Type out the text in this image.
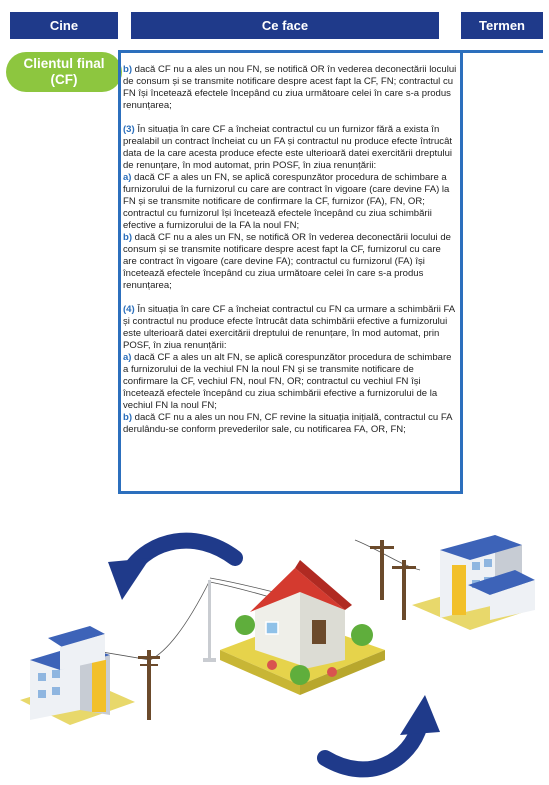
Cine	Ce face	Termen
Clientul final
(CF)

b) dacă CF nu a ales un nou FN, se notifică OR în vederea deconectării locului de consum și se transmite notificare despre acest fapt la CF, FN; contractul cu FN își încetează efectele începând cu ziua următoare celei în care s-a produs renunțarea;

(3) În situația în care CF a încheiat contractul cu un furnizor fără a exista în prealabil un contract încheiat cu un FA și contractul nu produce efecte întrucât data de la care acesta produce efecte este ulterioară datei exercitării dreptului de renunțare, în mod automat, prin POSF, în ziua renunțării:

a) dacă CF a ales un FN, se aplică corespunzător procedura de schimbare a furnizorului de la furnizorul cu care are contract în vigoare (care devine FA) la FN și se transmite notificare de confirmare la CF, furnizor (FA), FN, OR; contractul cu furnizorul își încetează efectele începând cu ziua schimbării efective a furnizorului de la FA la noul FN;

b) dacă CF nu a ales un FN, se notifică OR în vederea deconectării locului de consum și se transmite notificare despre acest fapt la CF, furnizorul cu care are contract în vigoare (care devine FA); contractul cu furnizorul (FA) își încetează efectele începând cu ziua următoare celei în care s-a produs renunțarea;

(4) În situația în care CF a încheiat contractul cu FN ca urmare a schimbării FA și contractul nu produce efecte întrucât data schimbării efective a furnizorului este ulterioară datei exercitării dreptului de renunțare, în mod automat, prin POSF, în ziua renunțării:

a) dacă CF a ales un alt FN, se aplică corespunzător procedura de schimbare a furnizorului de la vechiul FN la noul FN și se transmite notificare de confirmare la CF, vechiul FN, noul FN, OR; contractul cu vechiul FN își încetează efectele începând cu ziua schimbării efective a furnizorului de la vechiul FN la noul FN;

b) dacă CF nu a ales un nou FN, CF revine la situația inițială, contractul cu FA derulându-se conform prevederilor sale, cu notificarea FA, OR, FN;
